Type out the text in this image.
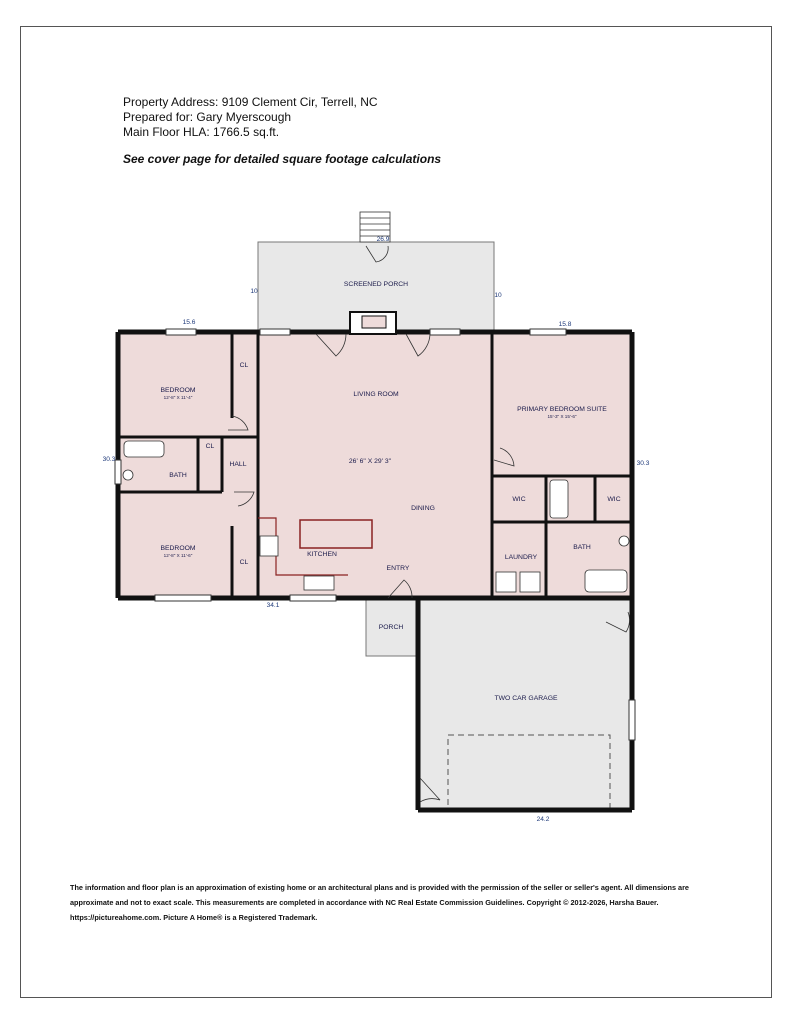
Property Address: 9109 Clement Cir, Terrell, NC
Prepared for: Gary Myerscough
Main Floor HLA: 1766.5 sq.ft.
See cover page for detailed square footage calculations
SCREENED PORCH
LIVING ROOM
26' 6" X 29' 3"
DINING
KITCHEN
ENTRY
PORCH
BEDROOM
12'-8" X 11'-4"
BEDROOM
12'-8" X 11'-6"
BATH
HALL
CL
CL
CL
PRIMARY BEDROOM SUITE
15'-3" X 15'-6"
WIC	WIC
LAUNDRY
BATH
TWO CAR GARAGE
26.9
10
10
15.6	15.8
30.3
30.3
34.1
24.2
The information and floor plan is an approximation of existing home or an architectural plans and is provided with the permission of the seller or seller's agent. All dimensions are approximate and not to exact scale. This measurements are completed in accordance with NC Real Estate Commission Guidelines. Copyright © 2012-2026, Harsha Bauer. https://pictureahome.com. Picture A Home® is a Registered Trademark.
